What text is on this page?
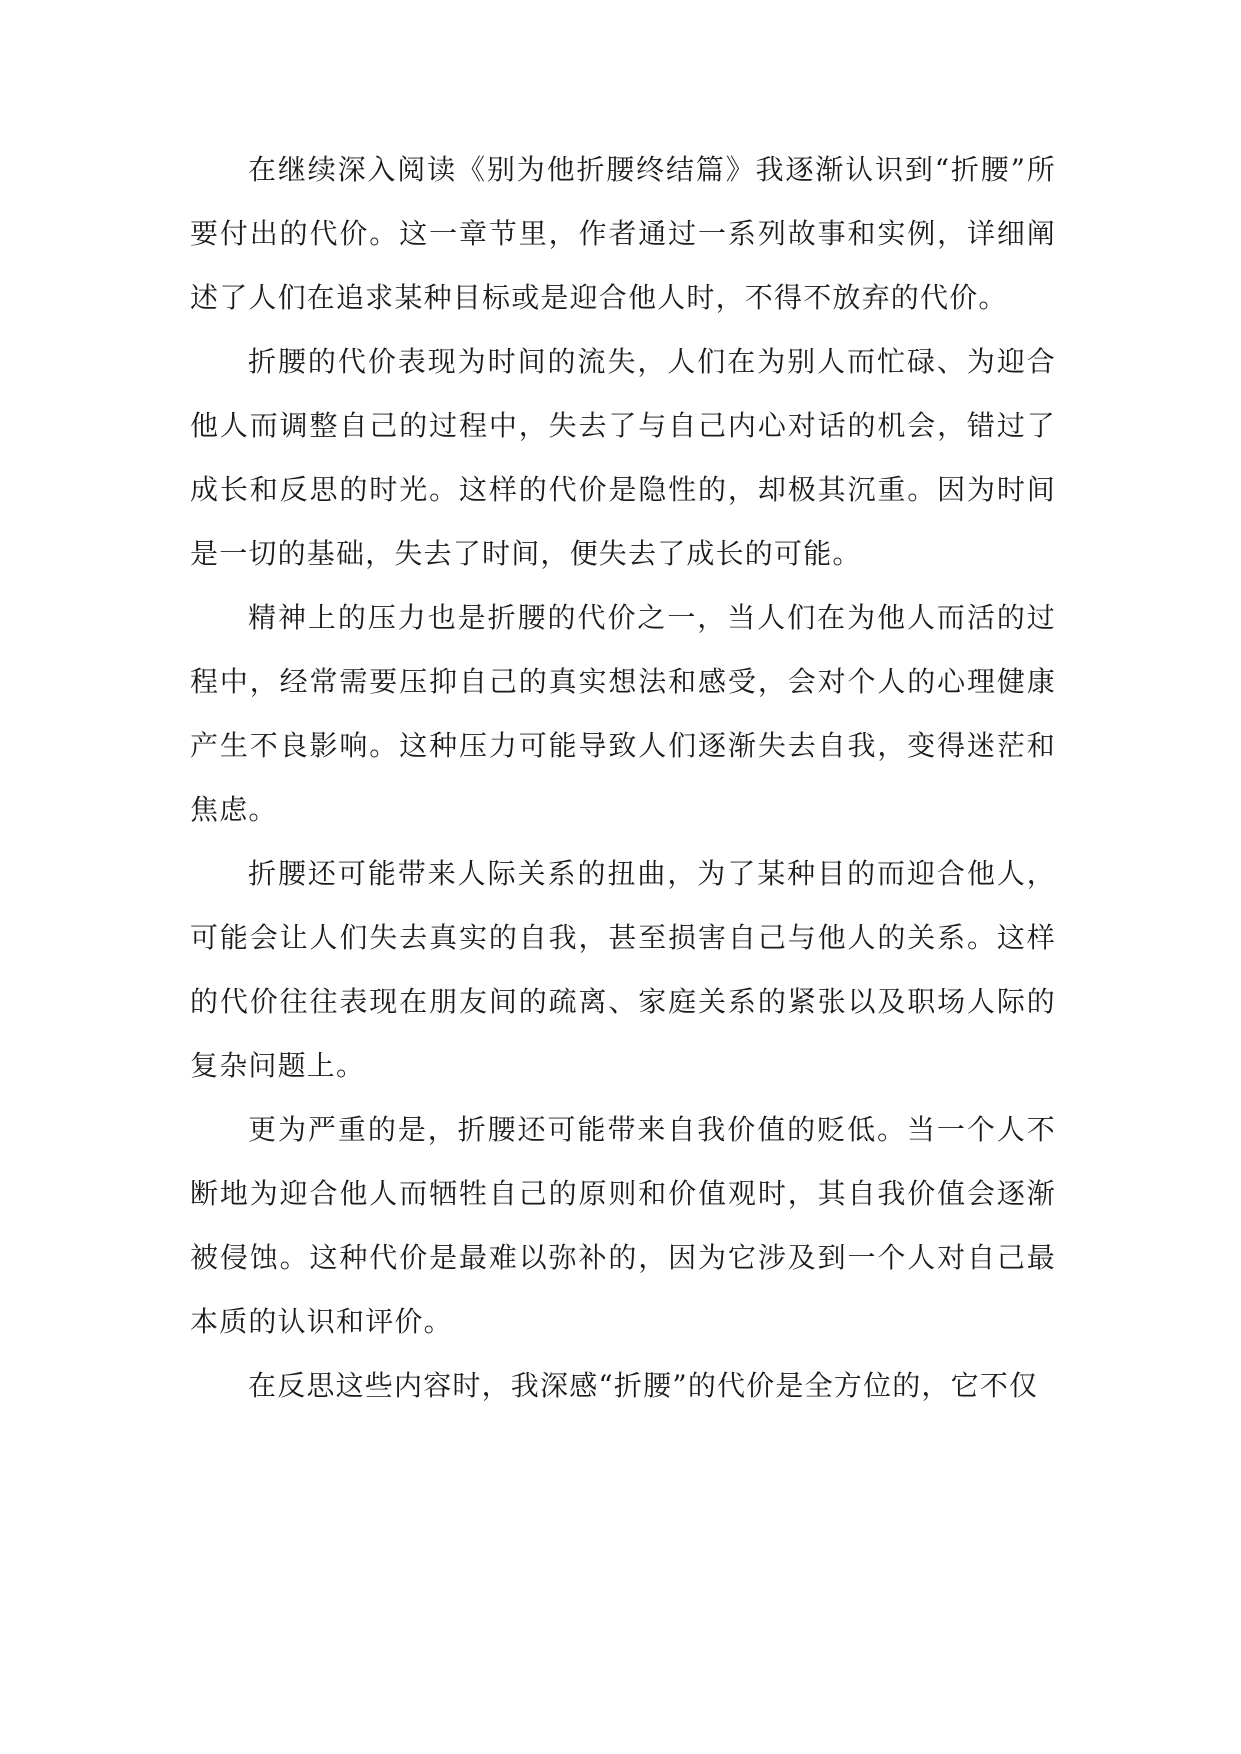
在继续深入阅读《别为他折腰终结篇》我逐渐认识到“折腰”所要付出的代价。这一章节里，作者通过一系列故事和实例，详细阐述了人们在追求某种目标或是迎合他人时，不得不放弃的代价。

折腰的代价表现为时间的流失，人们在为别人而忙碌、为迎合他人而调整自己的过程中，失去了与自己内心对话的机会，错过了成长和反思的时光。这样的代价是隐性的，却极其沉重。因为时间是一切的基础，失去了时间，便失去了成长的可能。

精神上的压力也是折腰的代价之一，当人们在为他人而活的过程中，经常需要压抑自己的真实想法和感受，会对个人的心理健康产生不良影响。这种压力可能导致人们逐渐失去自我，变得迷茫和焦虑。

折腰还可能带来人际关系的扭曲，为了某种目的而迎合他人，可能会让人们失去真实的自我，甚至损害自己与他人的关系。这样的代价往往表现在朋友间的疏离、家庭关系的紧张以及职场人际的复杂问题上。

更为严重的是，折腰还可能带来自我价值的贬低。当一个人不断地为迎合他人而牺牲自己的原则和价值观时，其自我价值会逐渐被侵蚀。这种代价是最难以弥补的，因为它涉及到一个人对自己最本质的认识和评价。

在反思这些内容时，我深感“折腰”的代价是全方位的，它不仅
